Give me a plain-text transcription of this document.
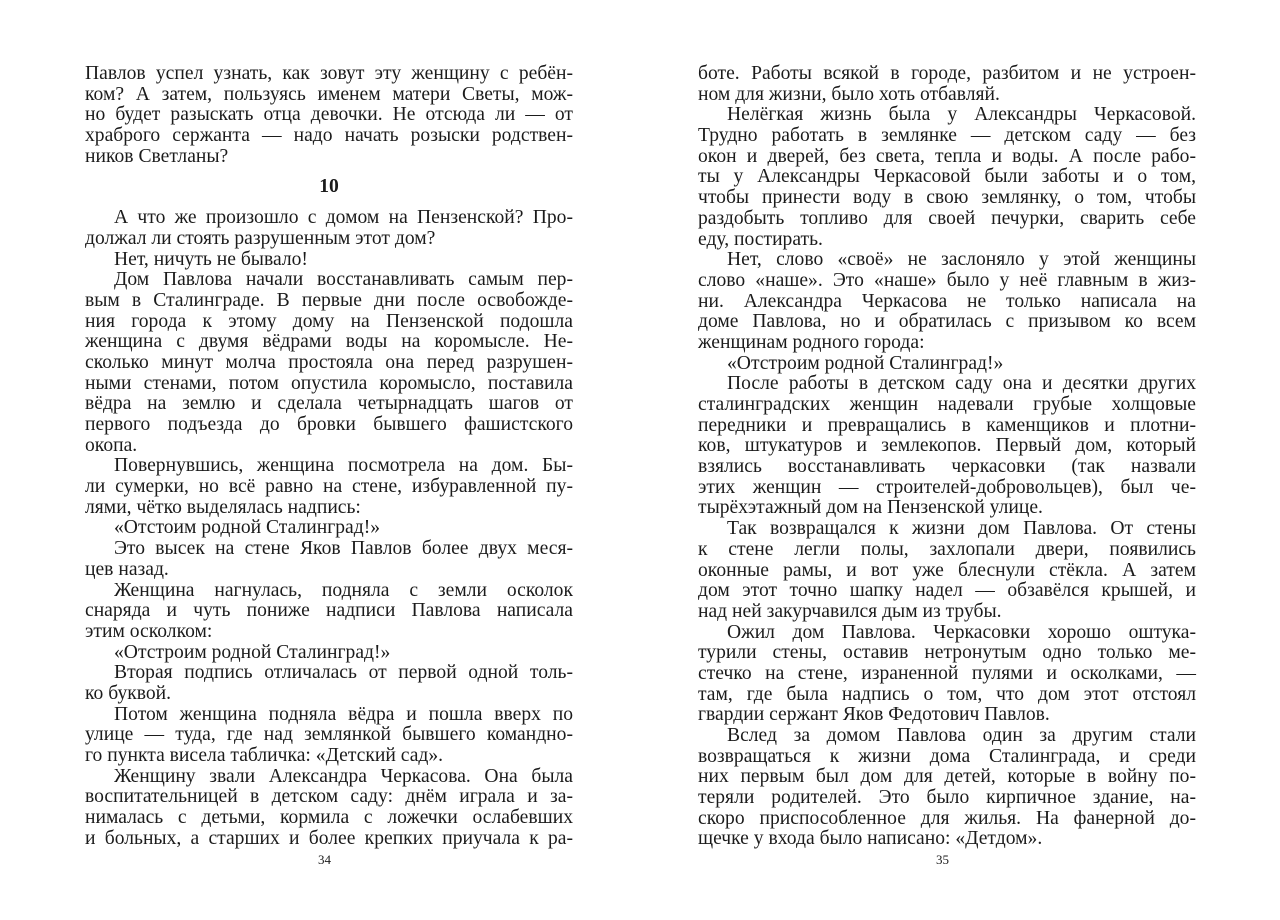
Павлов успел узнать, как зовут эту женщину с ребён-
ком? А затем, пользуясь именем матери Светы, мож-
но будет разыскать отца девочки. Не отсюда ли — от
храброго сержанта — надо начать розыски родствен-
ников Светланы?
10
А что же произошло с домом на Пензенской? Про-
должал ли стоять разрушенным этот дом?
Нет, ничуть не бывало!
Дом Павлова начали восстанавливать самым пер-
вым в Сталинграде. В первые дни после освобожде-
ния города к этому дому на Пензенской подошла
женщина с двумя вёдрами воды на коромысле. Не-
сколько минут молча простояла она перед разрушен-
ными стенами, потом опустила коромысло, поставила
вёдра на землю и сделала четырнадцать шагов от
первого подъезда до бровки бывшего фашистского
окопа.
Повернувшись, женщина посмотрела на дом. Бы-
ли сумерки, но всё равно на стене, избуравленной пу-
лями, чётко выделялась надпись:
«Отстоим родной Сталинград!»
Это высек на стене Яков Павлов более двух меся-
цев назад.
Женщина нагнулась, подняла с земли осколок
снаряда и чуть пониже надписи Павлова написала
этим осколком:
«Отстроим родной Сталинград!»
Вторая подпись отличалась от первой одной толь-
ко буквой.
Потом женщина подняла вёдра и пошла вверх по
улице — туда, где над землянкой бывшего командно-
го пункта висела табличка: «Детский сад».
Женщину звали Александра Черкасова. Она была
воспитательницей в детском саду: днём играла и за-
нималась с детьми, кормила с ложечки ослабевших
и больных, а старших и более крепких приучала к ра-
34
боте. Работы всякой в городе, разбитом и не устроен-
ном для жизни, было хоть отбавляй.
Нелёгкая жизнь была у Александры Черкасовой.
Трудно работать в землянке — детском саду — без
окон и дверей, без света, тепла и воды. А после рабо-
ты у Александры Черкасовой были заботы и о том,
чтобы принести воду в свою землянку, о том, чтобы
раздобыть топливо для своей печурки, сварить себе
еду, постирать.
Нет, слово «своё» не заслоняло у этой женщины
слово «наше». Это «наше» было у неё главным в жиз-
ни. Александра Черкасова не только написала на
доме Павлова, но и обратилась с призывом ко всем
женщинам родного города:
«Отстроим родной Сталинград!»
После работы в детском саду она и десятки других
сталинградских женщин надевали грубые холщовые
передники и превращались в каменщиков и плотни-
ков, штукатуров и землекопов. Первый дом, который
взялись восстанавливать черкасовки (так назвали
этих женщин — строителей-добровольцев), был че-
тырёхэтажный дом на Пензенской улице.
Так возвращался к жизни дом Павлова. От стены
к стене легли полы, захлопали двери, появились
оконные рамы, и вот уже блеснули стёкла. А затем
дом этот точно шапку надел — обзавёлся крышей, и
над ней закурчавился дым из трубы.
Ожил дом Павлова. Черкасовки хорошо оштука-
турили стены, оставив нетронутым одно только ме-
стечко на стене, израненной пулями и осколками, —
там, где была надпись о том, что дом этот отстоял
гвардии сержант Яков Федотович Павлов.
Вслед за домом Павлова один за другим стали
возвращаться к жизни дома Сталинграда, и среди
них первым был дом для детей, которые в войну по-
теряли родителей. Это было кирпичное здание, на-
скоро приспособленное для жилья. На фанерной до-
щечке у входа было написано: «Детдом».
35
